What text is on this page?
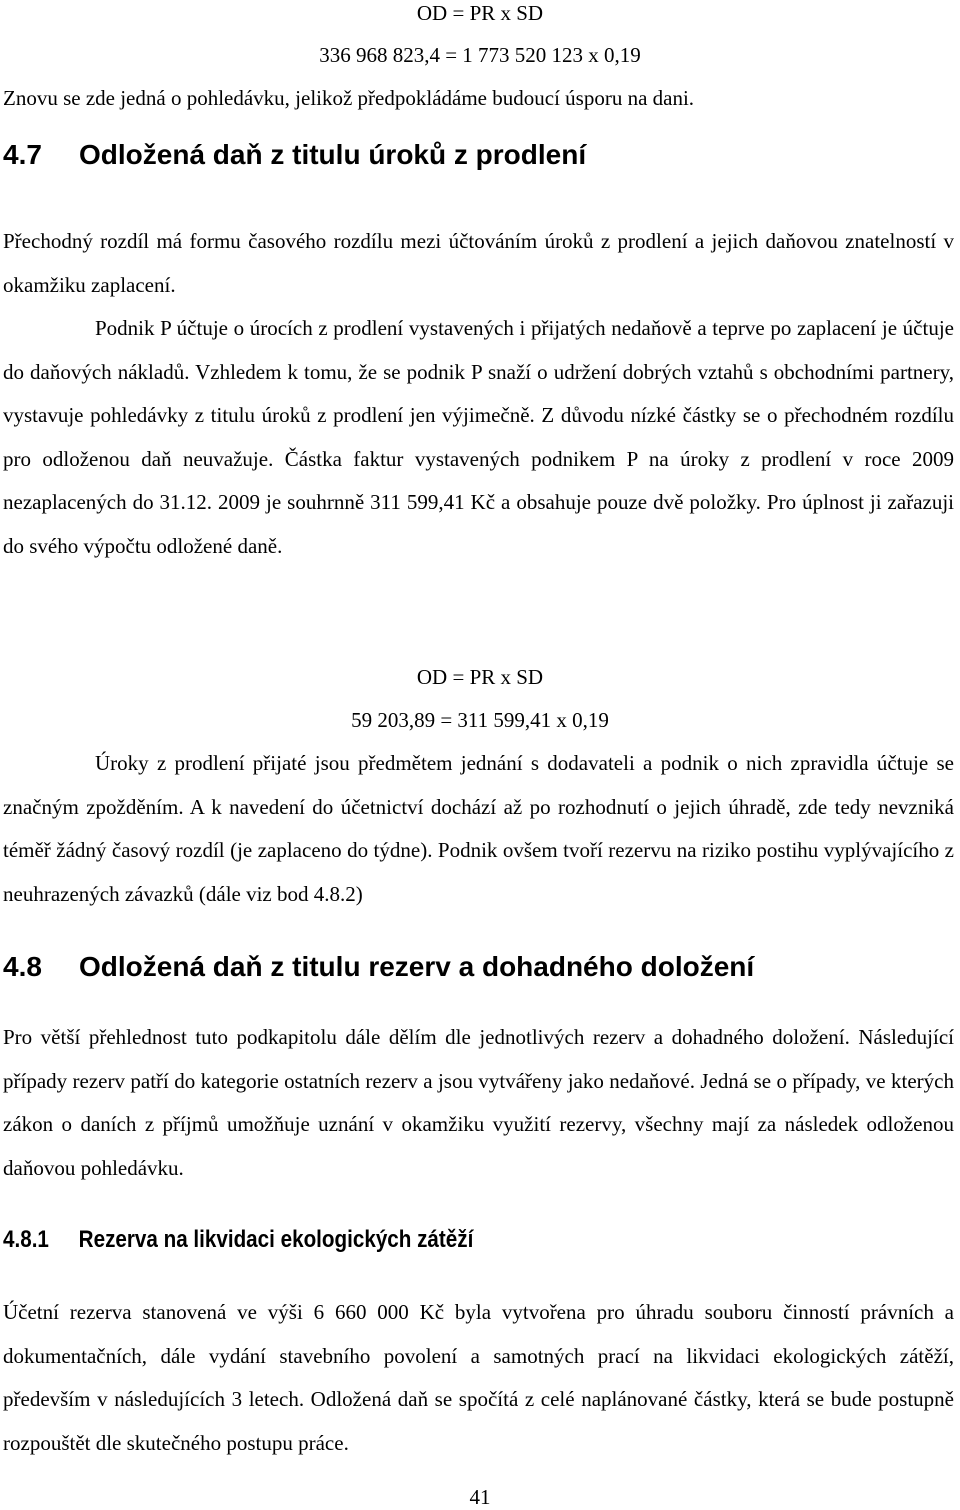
OD = PR x SD

336 968 823,4 = 1 773 520 123 x 0,19

Znovu se zde jedná o pohledávku, jelikož předpokládáme budoucí úsporu na dani.

4.7 Odložená daň z titulu úroků z prodlení

Přechodný rozdíl má formu časového rozdílu mezi účtováním úroků z prodlení a jejich daňovou znatelností v okamžiku zaplacení.

Podnik P účtuje o úrocích z prodlení vystavených i přijatých nedaňově a teprve po zaplacení je účtuje do daňových nákladů. Vzhledem k tomu, že se podnik P snaží o udržení dobrých vztahů s obchodními partnery, vystavuje pohledávky z titulu úroků z prodlení jen výjimečně. Z důvodu nízké částky se o přechodném rozdílu pro odloženou daň neuvažuje. Částka faktur vystavených podnikem P na úroky z prodlení v roce 2009 nezaplacených do 31.12. 2009 je souhrnně 311 599,41 Kč a obsahuje pouze dvě položky. Pro úplnost ji zařazuji do svého výpočtu odložené daně.

OD = PR x SD

59 203,89 = 311 599,41 x 0,19

Úroky z prodlení přijaté jsou předmětem jednání s dodavateli a podnik o nich zpravidla účtuje se značným zpožděním. A k navedení do účetnictví dochází až po rozhodnutí o jejich úhradě, zde tedy nevzniká téměř žádný časový rozdíl (je zaplaceno do týdne). Podnik ovšem tvoří rezervu na riziko postihu vyplývajícího z neuhrazených závazků (dále viz bod 4.8.2)

4.8 Odložená daň z titulu rezerv a dohadného doložení

Pro větší přehlednost tuto podkapitolu dále dělím dle jednotlivých rezerv a dohadného doložení. Následující případy rezerv patří do kategorie ostatních rezerv a jsou vytvářeny jako nedaňové. Jedná se o případy, ve kterých zákon o daních z příjmů umožňuje uznání v okamžiku využití rezervy, všechny mají za následek odloženou daňovou pohledávku.

4.8.1 Rezerva na likvidaci ekologických zátěží

Účetní rezerva stanovená ve výši 6 660 000 Kč byla vytvořena pro úhradu souboru činností právních a dokumentačních, dále vydání stavebního povolení a samotných prací na likvidaci ekologických zátěží, především v následujících 3 letech. Odložená daň se spočítá z celé naplánované částky, která se bude postupně rozpouštět dle skutečného postupu práce.

41
